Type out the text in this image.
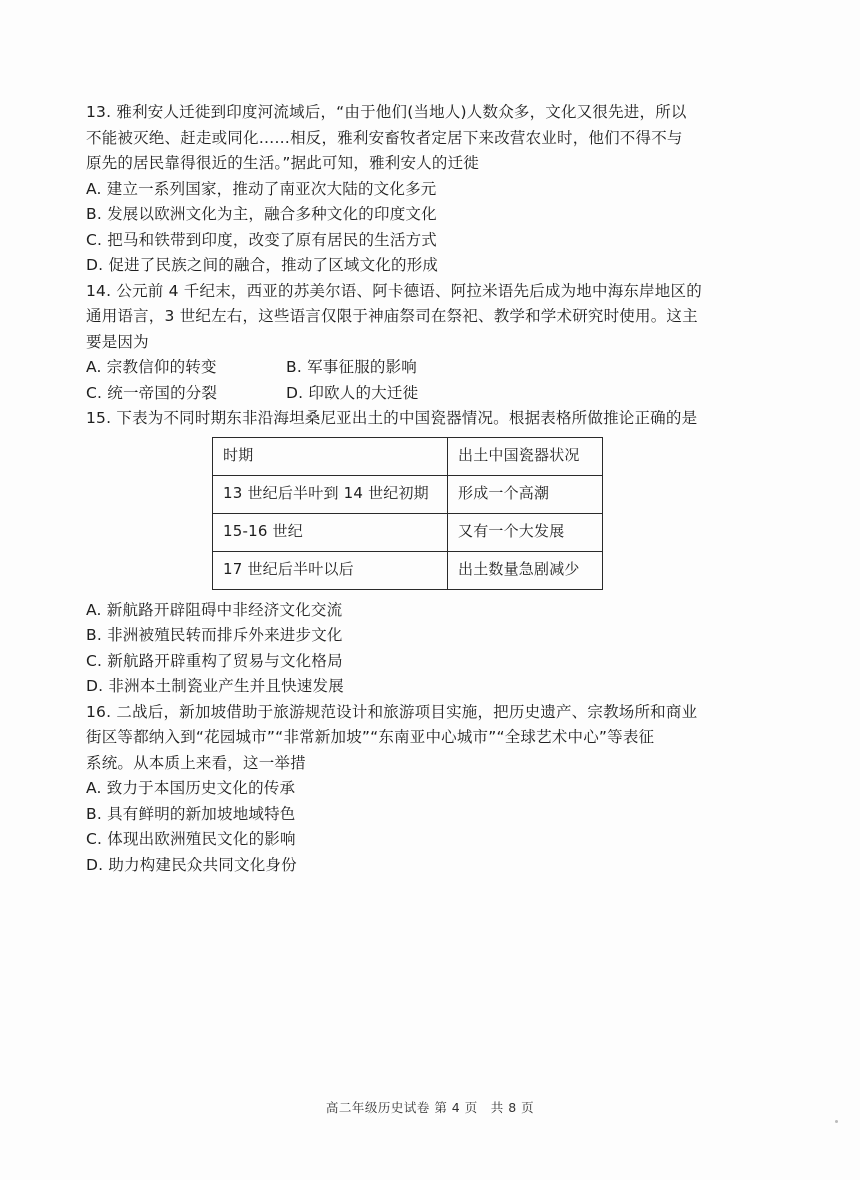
13. 雅利安人迁徙到印度河流域后，“由于他们(当地人)人数众多，文化又很先进，所以

不能被灭绝、赶走或同化……相反，雅利安畜牧者定居下来改营农业时，他们不得不与

原先的居民靠得很近的生活。”据此可知，雅利安人的迁徙

A. 建立一系列国家，推动了南亚次大陆的文化多元

B. 发展以欧洲文化为主，融合多种文化的印度文化

C. 把马和铁带到印度，改变了原有居民的生活方式

D. 促进了民族之间的融合，推动了区域文化的形成

14. 公元前 4 千纪末，西亚的苏美尔语、阿卡德语、阿拉米语先后成为地中海东岸地区的

通用语言，3 世纪左右，这些语言仅限于神庙祭司在祭祀、教学和学术研究时使用。这主

要是因为

A. 宗教信仰的转变	B. 军事征服的影响

C. 统一帝国的分裂	D. 印欧人的大迁徙

15. 下表为不同时期东非沿海坦桑尼亚出土的中国瓷器情况。根据表格所做推论正确的是

时期	出土中国瓷器状况
13 世纪后半叶到 14 世纪初期	形成一个高潮
15-16 世纪	又有一个大发展
17 世纪后半叶以后	出土数量急剧减少

A. 新航路开辟阻碍中非经济文化交流

B. 非洲被殖民转而排斥外来进步文化

C. 新航路开辟重构了贸易与文化格局

D. 非洲本土制瓷业产生并且快速发展

16. 二战后，新加坡借助于旅游规范设计和旅游项目实施，把历史遗产、宗教场所和商业

街区等都纳入到“花园城市”“非常新加坡”“东南亚中心城市”“全球艺术中心”等表征

系统。从本质上来看，这一举措

A. 致力于本国历史文化的传承

B. 具有鲜明的新加坡地域特色

C. 体现出欧洲殖民文化的影响

D. 助力构建民众共同文化身份

高二年级历史试卷 第 4 页　共 8 页
